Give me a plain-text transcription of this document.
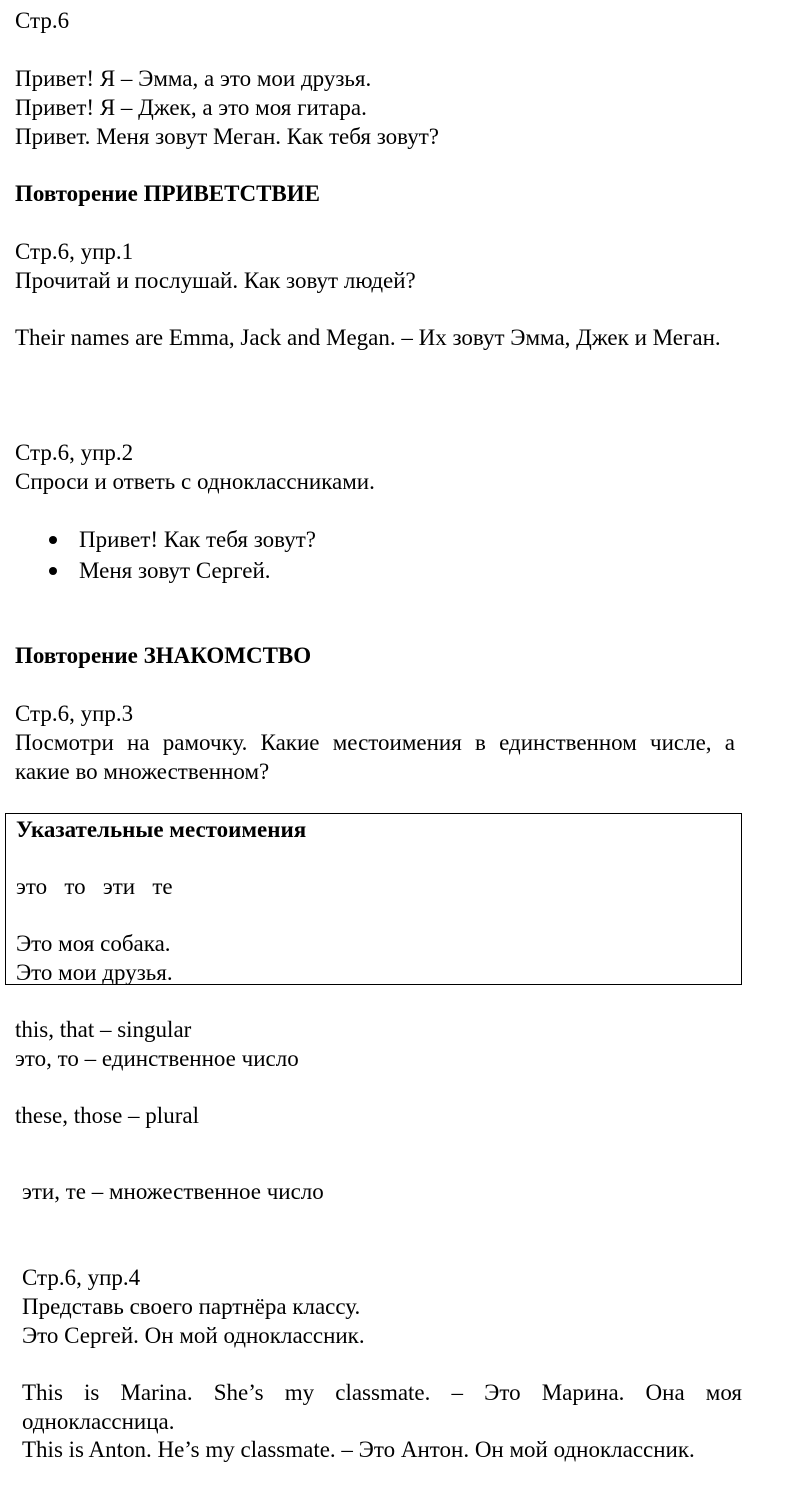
Стр.6

Привет! Я – Эмма, а это мои друзья.

Привет! Я – Джек, а это моя гитара.

Привет. Меня зовут Меган. Как тебя зовут?

Повторение ПРИВЕТСТВИЕ

Стр.6, упр.1

Прочитай и послушай. Как зовут людей?

Their names are Emma, Jack and Megan. – Их зовут Эмма, Джек и Меган.

Стр.6, упр.2

Спроси и ответь с одноклассниками.

Привет! Как тебя зовут?

Меня зовут Сергей.

Повторение ЗНАКОМСТВО

Стр.6, упр.3

Посмотри на рамочку. Какие местоимения в единственном числе, а какие во множественном?

Указательные местоимения

это   то   эти   те

Это моя собака.

Это мои друзья.

this, that – singular

это, то – единственное число

these, those – plural

эти, те – множественное число

Стр.6, упр.4

Представь своего партнёра классу.

Это Сергей. Он мой одноклассник.

This is Marina. She’s my classmate. – Это Марина. Она моя одноклассница.

This is Anton. He’s my classmate. – Это Антон. Он мой одноклассник.
